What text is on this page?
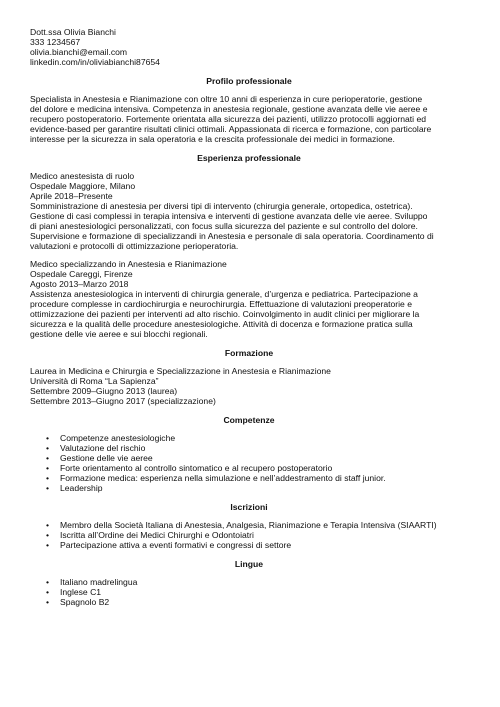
Dott.ssa Olivia Bianchi
333 1234567
olivia.bianchi@email.com
linkedin.com/in/oliviabianchi87654
Profilo professionale
Specialista in Anestesia e Rianimazione con oltre 10 anni di esperienza in cure perioperatorie, gestione
del dolore e medicina intensiva. Competenza in anestesia regionale, gestione avanzata delle vie aeree e
recupero postoperatorio. Fortemente orientata alla sicurezza dei pazienti, utilizzo protocolli aggiornati ed
evidence-based per garantire risultati clinici ottimali. Appassionata di ricerca e formazione, con particolare
interesse per la sicurezza in sala operatoria e la crescita professionale dei medici in formazione.
Esperienza professionale
Medico anestesista di ruolo
Ospedale Maggiore, Milano
Aprile 2018–Presente
Somministrazione di anestesia per diversi tipi di intervento (chirurgia generale, ortopedica, ostetrica).
Gestione di casi complessi in terapia intensiva e interventi di gestione avanzata delle vie aeree. Sviluppo
di piani anestesiologici personalizzati, con focus sulla sicurezza del paziente e sul controllo del dolore.
Supervisione e formazione di specializzandi in Anestesia e personale di sala operatoria. Coordinamento di
valutazioni e protocolli di ottimizzazione perioperatoria.
Medico specializzando in Anestesia e Rianimazione
Ospedale Careggi, Firenze
Agosto 2013–Marzo 2018
Assistenza anestesiologica in interventi di chirurgia generale, d’urgenza e pediatrica. Partecipazione a
procedure complesse in cardiochirurgia e neurochirurgia. Effettuazione di valutazioni preoperatorie e
ottimizzazione dei pazienti per interventi ad alto rischio. Coinvolgimento in audit clinici per migliorare la
sicurezza e la qualità delle procedure anestesiologiche. Attività di docenza e formazione pratica sulla
gestione delle vie aeree e sui blocchi regionali.
Formazione
Laurea in Medicina e Chirurgia e Specializzazione in Anestesia e Rianimazione
Università di Roma “La Sapienza”
Settembre 2009–Giugno 2013 (laurea)
Settembre 2013–Giugno 2017 (specializzazione)
Competenze
• Competenze anestesiologiche
• Valutazione del rischio
• Gestione delle vie aeree
• Forte orientamento al controllo sintomatico e al recupero postoperatorio
• Formazione medica: esperienza nella simulazione e nell’addestramento di staff junior.
• Leadership
Iscrizioni
• Membro della Società Italiana di Anestesia, Analgesia, Rianimazione e Terapia Intensiva (SIAARTI)
• Iscritta all’Ordine dei Medici Chirurghi e Odontoiatri
• Partecipazione attiva a eventi formativi e congressi di settore
Lingue
• Italiano madrelingua
• Inglese C1
• Spagnolo B2
